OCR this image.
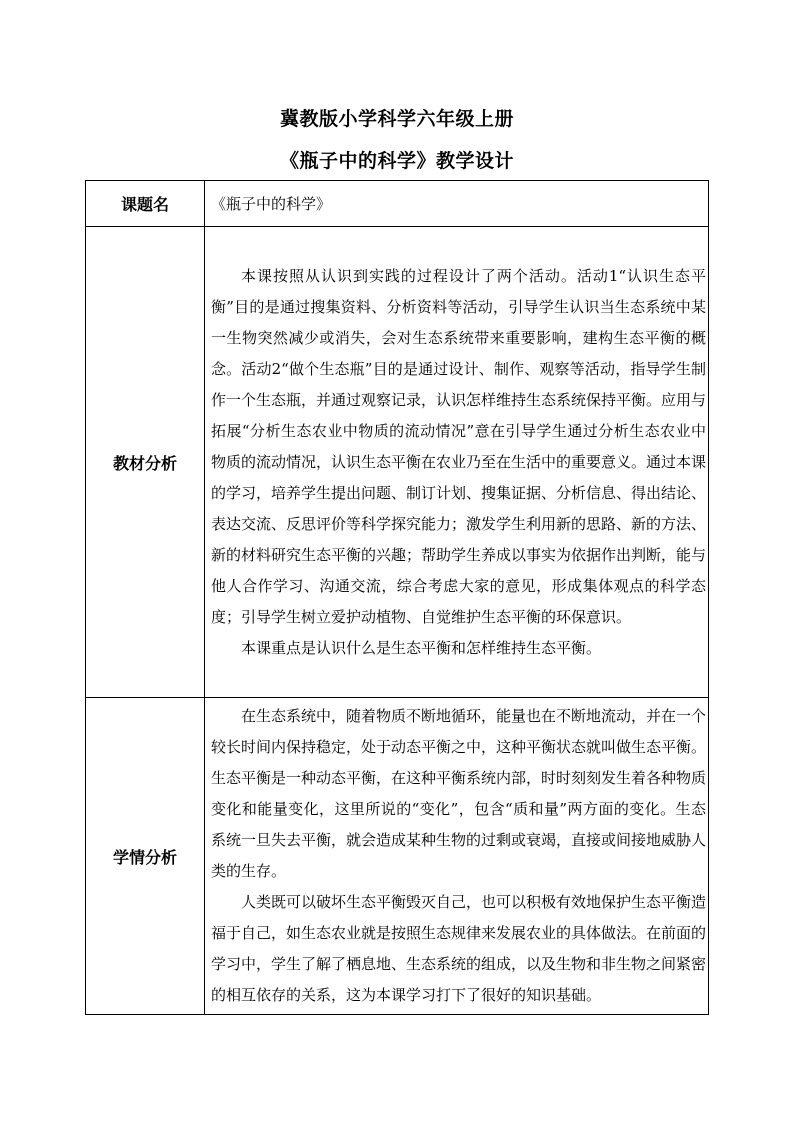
冀教版小学科学六年级上册
《瓶子中的科学》教学设计
课题名	《瓶子中的科学》
教材分析	本课按照从认识到实践的过程设计了两个活动。活动1“认识生态平衡”目的是通过搜集资料、分析资料等活动，引导学生认识当生态系统中某一生物突然减少或消失，会对生态系统带来重要影响，建构生态平衡的概念。活动2“做个生态瓶”目的是通过设计、制作、观察等活动，指导学生制作一个生态瓶，并通过观察记录，认识怎样维持生态系统保持平衡。应用与拓展“分析生态农业中物质的流动情况”意在引导学生通过分析生态农业中物质的流动情况，认识生态平衡在农业乃至在生活中的重要意义。通过本课的学习，培养学生提出问题、制订计划、搜集证据、分析信息、得出结论、表达交流、反思评价等科学探究能力；激发学生利用新的思路、新的方法、新的材料研究生态平衡的兴趣；帮助学生养成以事实为依据作出判断，能与他人合作学习、沟通交流，综合考虑大家的意见，形成集体观点的科学态度；引导学生树立爱护动植物、自觉维护生态平衡的环保意识。

本课重点是认识什么是生态平衡和怎样维持生态平衡。

学情分析	在生态系统中，随着物质不断地循环，能量也在不断地流动，并在一个较长时间内保持稳定，处于动态平衡之中，这种平衡状态就叫做生态平衡。生态平衡是一种动态平衡，在这种平衡系统内部，时时刻刻发生着各种物质变化和能量变化，这里所说的“变化”，包含“质和量”两方面的变化。生态系统一旦失去平衡，就会造成某种生物的过剩或衰竭，直接或间接地威胁人类的生存。

人类既可以破坏生态平衡毁灭自己，也可以积极有效地保护生态平衡造福于自己，如生态农业就是按照生态规律来发展农业的具体做法。在前面的学习中，学生了解了栖息地、生态系统的组成，以及生物和非生物之间紧密的相互依存的关系，这为本课学习打下了很好的知识基础。
